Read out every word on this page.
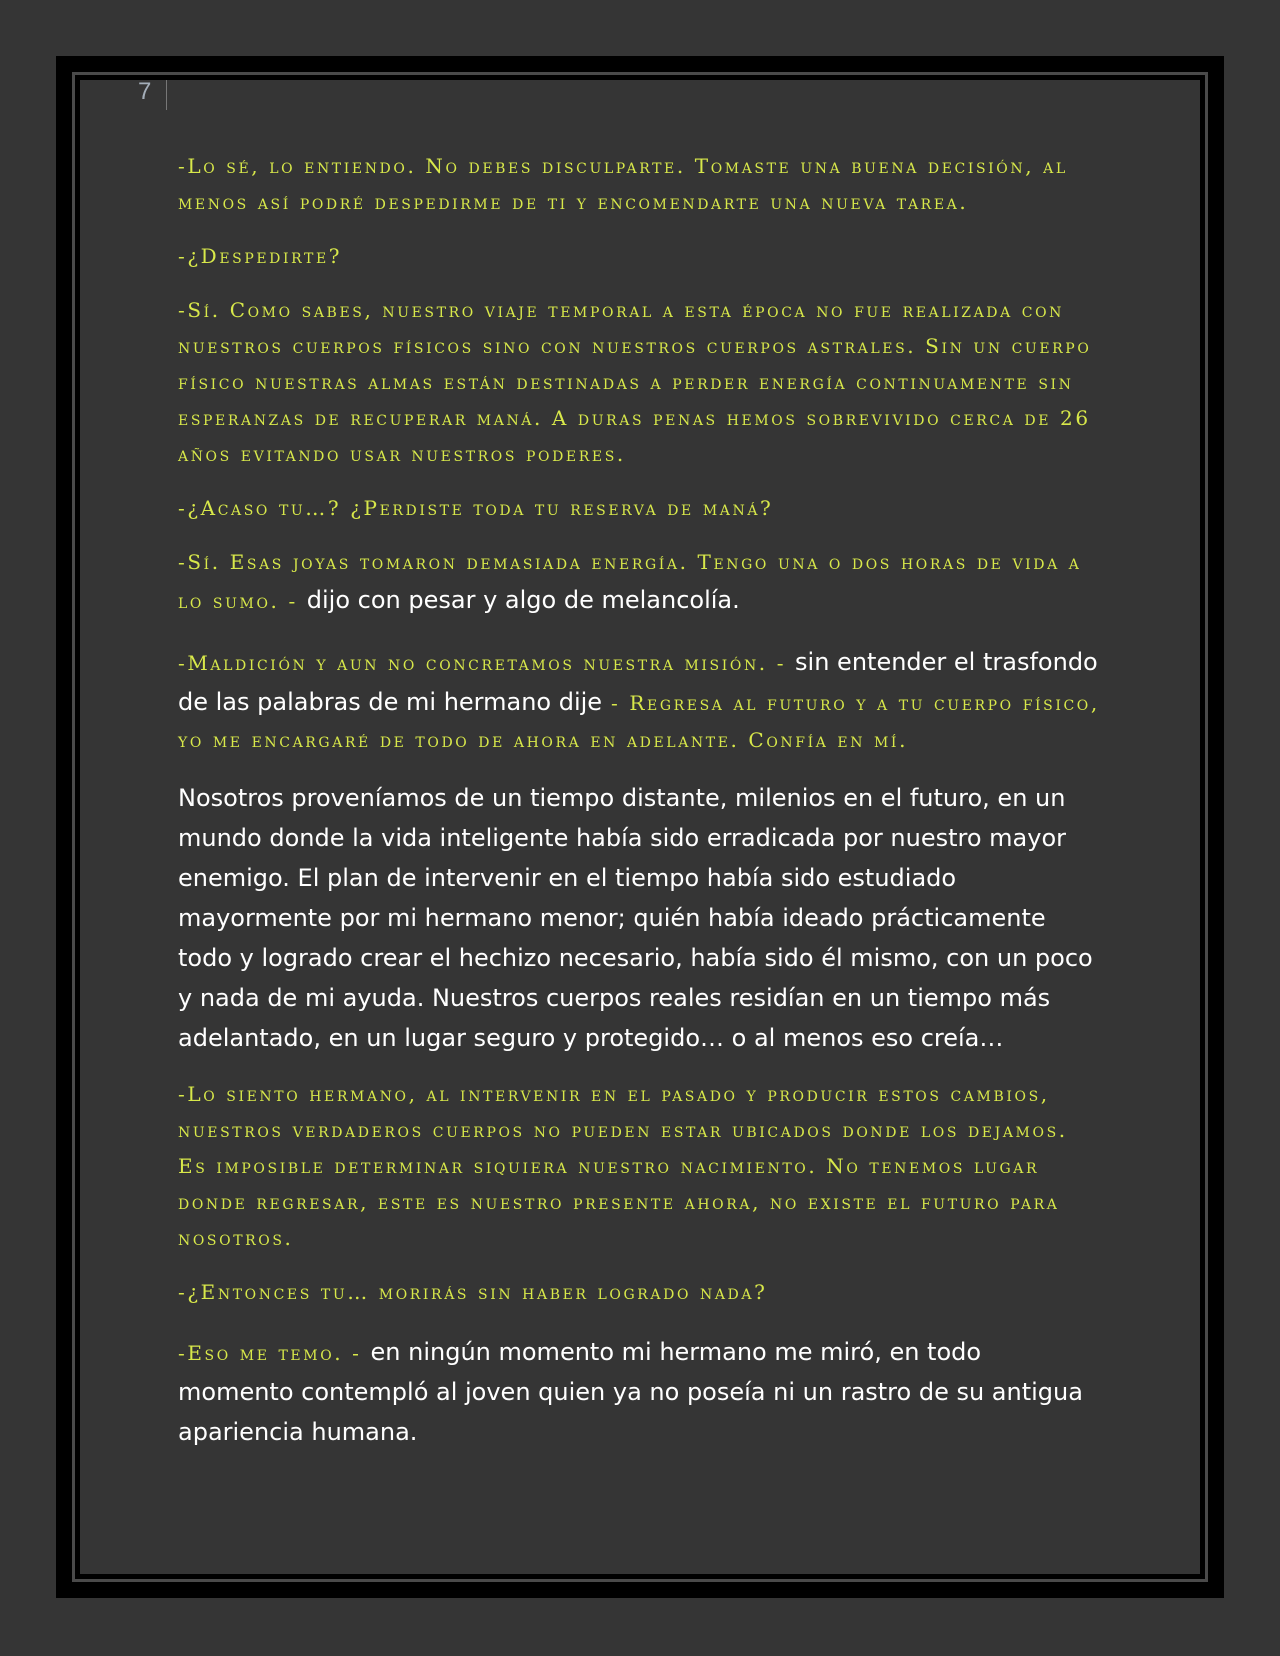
7

-Lo sé, lo entiendo. No debes disculparte. Tomaste una buena decisión, al menos así podré despedirme de ti y encomendarte una nueva tarea.

-¿Despedirte?

-Sí. Como sabes, nuestro viaje temporal a esta época no fue realizada con nuestros cuerpos físicos sino con nuestros cuerpos astrales. Sin un cuerpo físico nuestras almas están destinadas a perder energía continuamente sin esperanzas de recuperar maná. A duras penas hemos sobrevivido cerca de 26 años evitando usar nuestros poderes.

-¿Acaso tu…? ¿Perdiste toda tu reserva de maná?

-Sí. Esas joyas tomaron demasiada energía. Tengo una o dos horas de vida a lo sumo. - dijo con pesar y algo de melancolía.

-Maldición y aun no concretamos nuestra misión. - sin entender el trasfondo de las palabras de mi hermano dije - Regresa al futuro y a tu cuerpo físico, yo me encargaré de todo de ahora en adelante. Confía en mí.

Nosotros proveníamos de un tiempo distante, milenios en el futuro, en un mundo donde la vida inteligente había sido erradicada por nuestro mayor enemigo. El plan de intervenir en el tiempo había sido estudiado mayormente por mi hermano menor; quién había ideado prácticamente todo y logrado crear el hechizo necesario, había sido él mismo, con un poco y nada de mi ayuda. Nuestros cuerpos reales residían en un tiempo más adelantado, en un lugar seguro y protegido… o al menos eso creía…

-Lo siento hermano, al intervenir en el pasado y producir estos cambios, nuestros verdaderos cuerpos no pueden estar ubicados donde los dejamos. Es imposible determinar siquiera nuestro nacimiento. No tenemos lugar donde regresar, este es nuestro presente ahora, no existe el futuro para nosotros.

-¿Entonces tu… morirás sin haber logrado nada?

-Eso me temo. - en ningún momento mi hermano me miró, en todo momento contempló al joven quien ya no poseía ni un rastro de su antigua apariencia humana.
